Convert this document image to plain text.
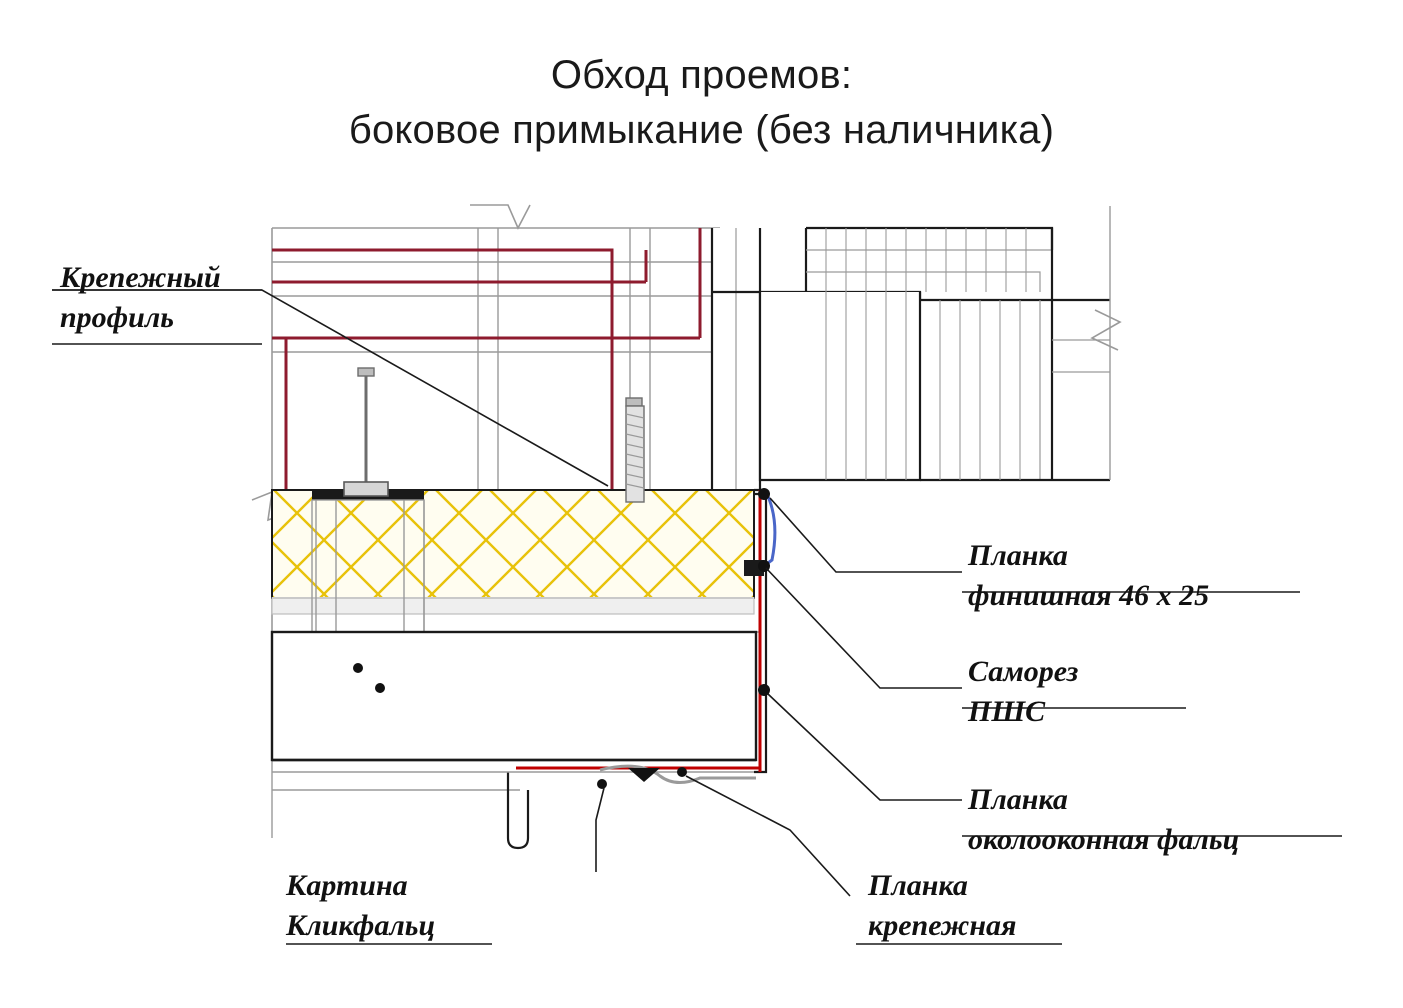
Обход проемов:
боковое примыкание (без наличника)
Крепежный
профиль
Планка
финишная 46 х 25
Саморез
ПШС
Планка
околооконная фальц
Картина
Кликфальц
Планка
крепежная
